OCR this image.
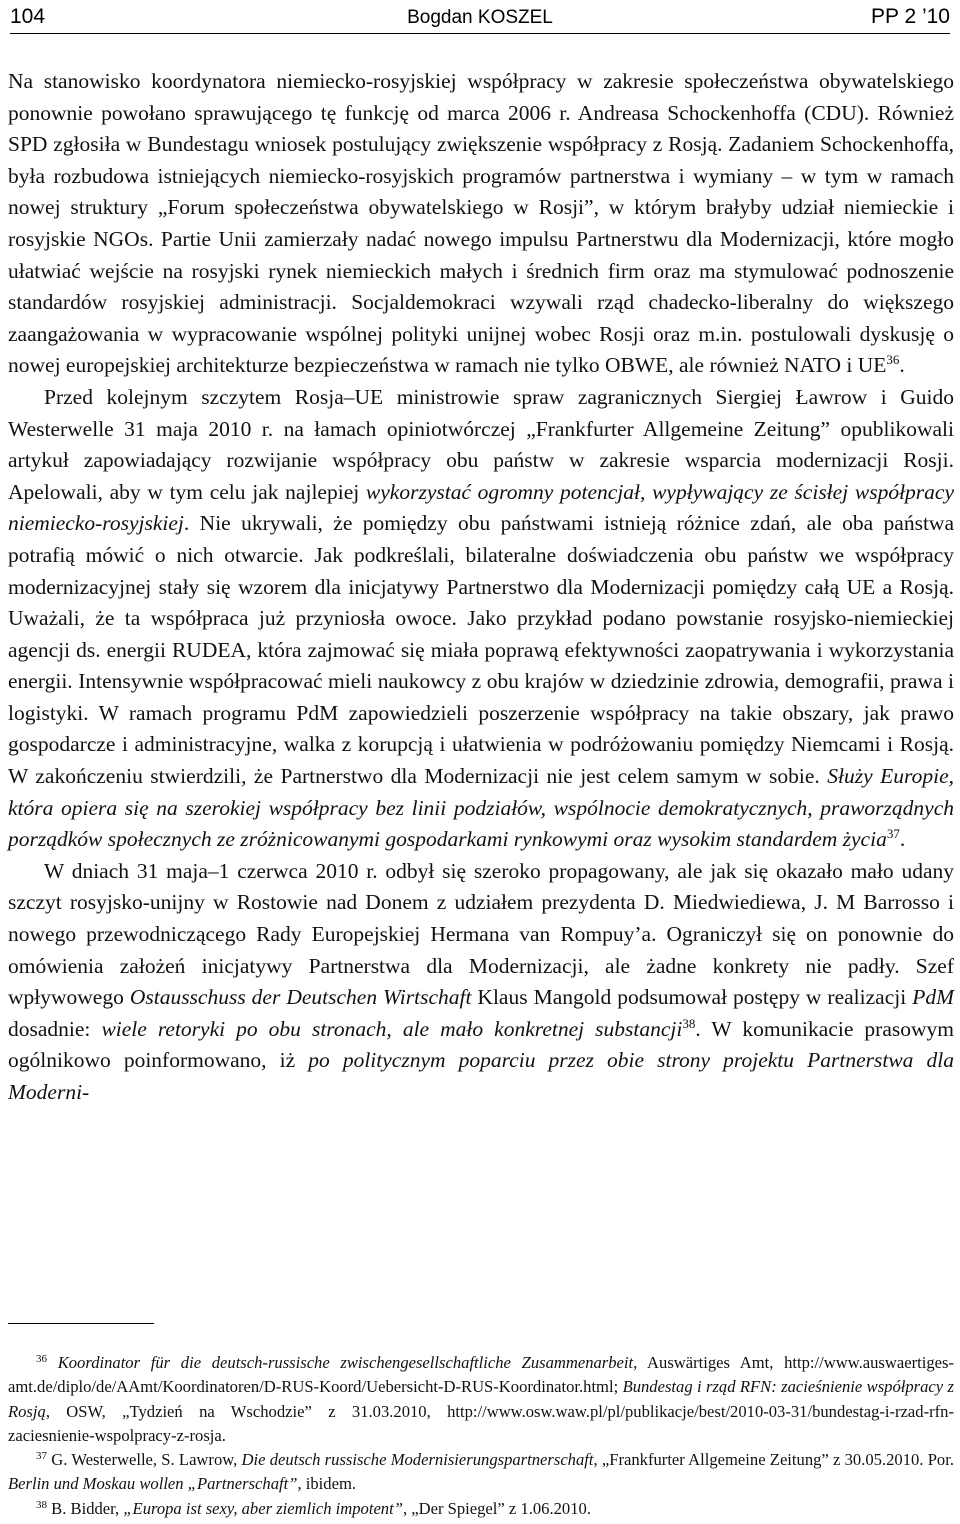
104	Bogdan KOSZEL	PP 2 ’10

Na stanowisko koordynatora niemiecko-rosyjskiej współpracy w zakresie społeczeństwa obywatelskiego ponownie powołano sprawującego tę funkcję od marca 2006 r. Andreasa Schockenhoffa (CDU). Również SPD zgłosiła w Bundestagu wniosek postulujący zwiększenie współpracy z Rosją. Zadaniem Schockenhoffa, była rozbudowa istniejących niemiecko-rosyjskich programów partnerstwa i wymiany – w tym w ramach nowej struktury „Forum społeczeństwa obywatelskiego w Rosji”, w którym brałyby udział niemieckie i rosyjskie NGOs. Partie Unii zamierzały nadać nowego impulsu Partnerstwu dla Modernizacji, które mogło ułatwiać wejście na rosyjski rynek niemieckich małych i średnich firm oraz ma stymulować podnoszenie standardów rosyjskiej administracji. Socjaldemokraci wzywali rząd chadecko-liberalny do większego zaangażowania w wypracowanie wspólnej polityki unijnej wobec Rosji oraz m.in. postulowali dyskusję o nowej europejskiej architekturze bezpieczeństwa w ramach nie tylko OBWE, ale również NATO i UE$^{36}$.

Przed kolejnym szczytem Rosja–UE ministrowie spraw zagranicznych Siergiej Ławrow i Guido Westerwelle 31 maja 2010 r. na łamach opiniotwórczej „Frankfurter Allgemeine Zeitung” opublikowali artykuł zapowiadający rozwijanie współpracy obu państw w zakresie wsparcia modernizacji Rosji. Apelowali, aby w tym celu jak najlepiej wykorzystać ogromny potencjał, wypływający ze ścisłej współpracy niemiecko-rosyjskiej. Nie ukrywali, że pomiędzy obu państwami istnieją różnice zdań, ale oba państwa potrafią mówić o nich otwarcie. Jak podkreślali, bilateralne doświadczenia obu państw we współpracy modernizacyjnej stały się wzorem dla inicjatywy Partnerstwo dla Modernizacji pomiędzy całą UE a Rosją. Uważali, że ta współpraca już przyniosła owoce. Jako przykład podano powstanie rosyjsko-niemieckiej agencji ds. energii RUDEA, która zajmować się miała poprawą efektywności zaopatrywania i wykorzystania energii. Intensywnie współpracować mieli naukowcy z obu krajów w dziedzinie zdrowia, demografii, prawa i logistyki. W ramach programu PdM zapowiedzieli poszerzenie współpracy na takie obszary, jak prawo gospodarcze i administracyjne, walka z korupcją i ułatwienia w podróżowaniu pomiędzy Niemcami i Rosją. W zakończeniu stwierdzili, że Partnerstwo dla Modernizacji nie jest celem samym w sobie. Służy Europie, która opiera się na szerokiej współpracy bez linii podziałów, wspólnocie demokratycznych, praworządnych porządków społecznych ze zróżnicowanymi gospodarkami rynkowymi oraz wysokim standardem życia$^{37}$.

W dniach 31 maja–1 czerwca 2010 r. odbył się szeroko propagowany, ale jak się okazało mało udany szczyt rosyjsko-unijny w Rostowie nad Donem z udziałem prezydenta D. Miedwiediewa, J. M Barrosso i nowego przewodniczącego Rady Europejskiej Hermana van Rompuy’a. Ograniczył się on ponownie do omówienia założeń inicjatywy Partnerstwa dla Modernizacji, ale żadne konkrety nie padły. Szef wpływowego Ostausschuss der Deutschen Wirtschaft Klaus Mangold podsumował postępy w realizacji PdM dosadnie: wiele retoryki po obu stronach, ale mało konkretnej substancji$^{38}$. W komunikacie prasowym ogólnikowo poinformowano, iż po politycznym poparciu przez obie strony projektu Partnerstwa dla Moderni-

$^{36}$ Koordinator für die deutsch-russische zwischengesellschaftliche Zusammenarbeit, Auswärtiges Amt, http://www.auswaertiges-amt.de/diplo/de/AAmt/Koordinatoren/D-RUS-Koord/Uebersicht-D-RUS-Koordinator.html; Bundestag i rząd RFN: zacieśnienie współpracy z Rosją, OSW, „Tydzień na Wschodzie” z 31.03.2010, http://www.osw.waw.pl/pl/publikacje/best/2010-03-31/bundestag-i-rzad-rfn-zaciesnienie-wspolpracy-z-rosja.

$^{37}$ G. Westerwelle, S. Lawrow, Die deutsch russische Modernisierungspartnerschaft, „Frankfurter Allgemeine Zeitung” z 30.05.2010. Por. Berlin und Moskau wollen „Partnerschaft”, ibidem.

$^{38}$ B. Bidder, „Europa ist sexy, aber ziemlich impotent”, „Der Spiegel” z 1.06.2010.
